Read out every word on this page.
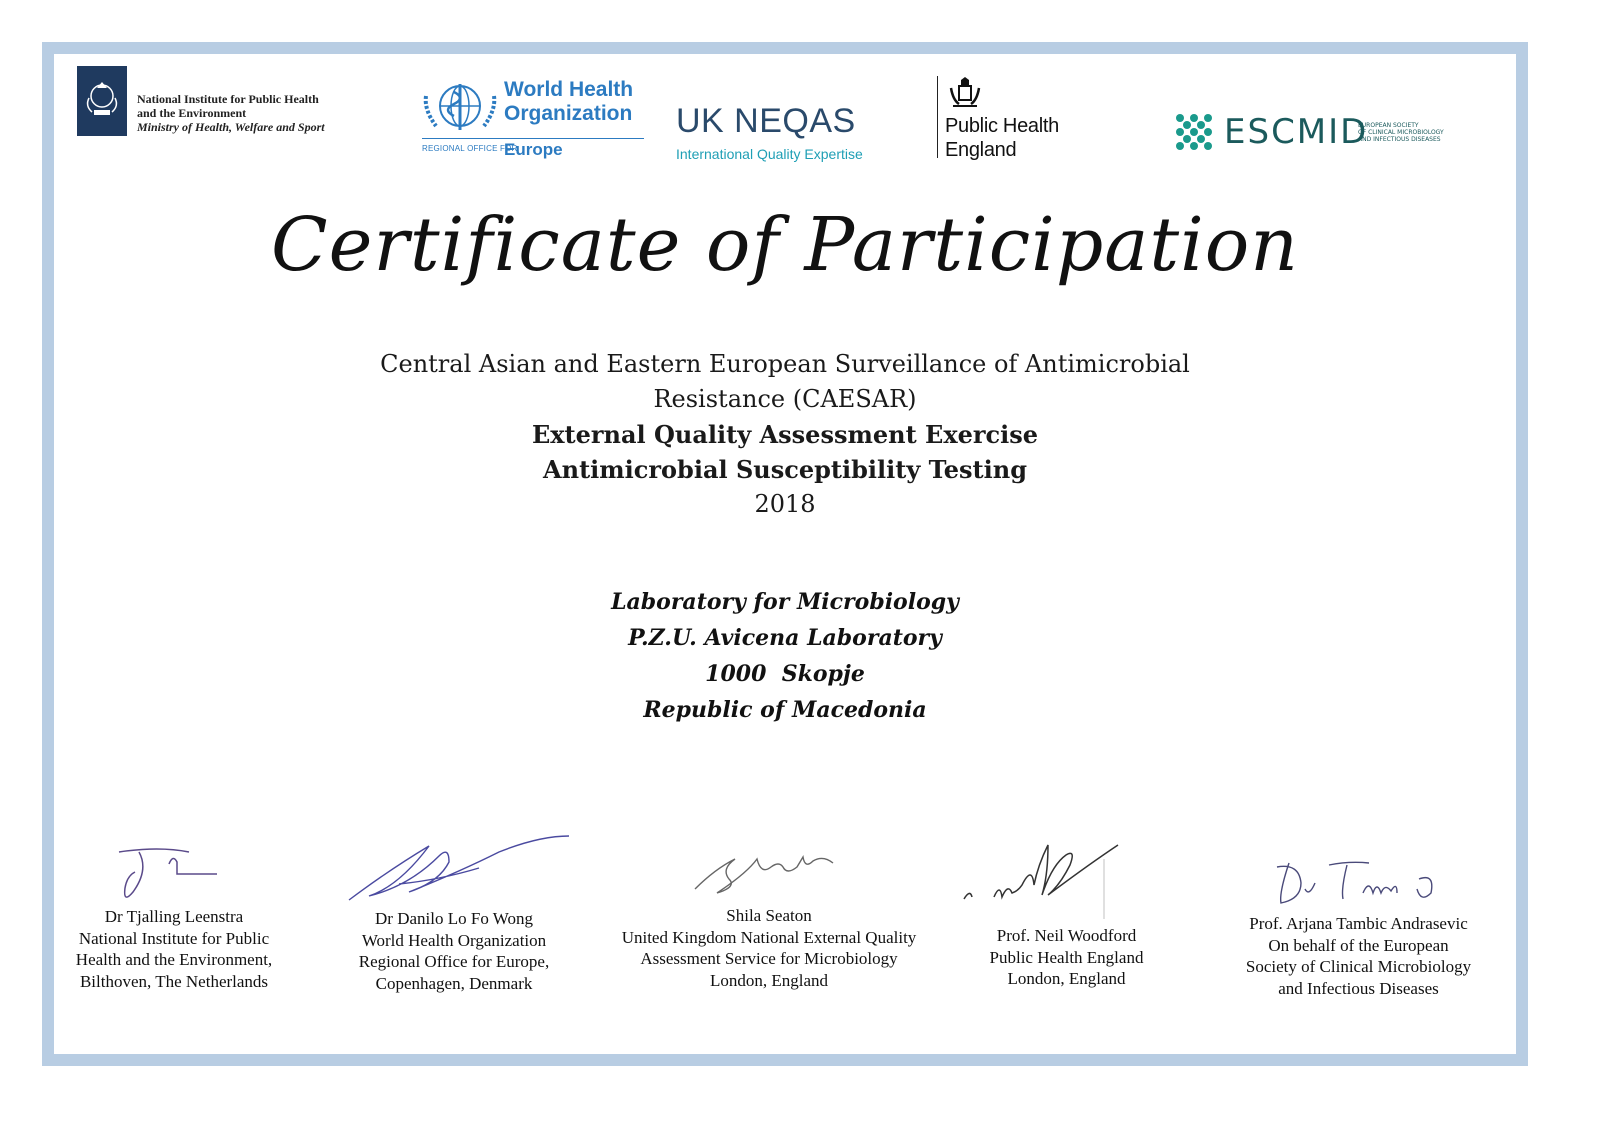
National Institute for Public Health
and the Environment
Ministry of Health, Welfare and Sport
World Health
Organization
REGIONAL OFFICE FOR
Europe
UK NEQAS
International Quality Expertise
Public Health
England	ESCMID
EUROPEAN SOCIETY
OF CLINICAL MICROBIOLOGY
AND INFECTIOUS DISEASES
Certificate of Participation
Central Asian and Eastern European Surveillance of Antimicrobial
Resistance (CAESAR)
External Quality Assessment Exercise
Antimicrobial Susceptibility Testing
2018
Laboratory for Microbiology
P.Z.U. Avicena Laboratory
1000  Skopje
Republic of Macedonia
Dr Tjalling Leenstra
National Institute for Public
Health and the Environment,
Bilthoven, The Netherlands
Dr Danilo Lo Fo Wong
World Health Organization
Regional Office for Europe,
Copenhagen, Denmark
Shila Seaton
United Kingdom National External Quality
Assessment Service for Microbiology
London, England
Prof. Neil Woodford
Public Health England
London, England
Prof. Arjana Tambic Andrasevic
On behalf of the European
Society of Clinical Microbiology
and Infectious Diseases
